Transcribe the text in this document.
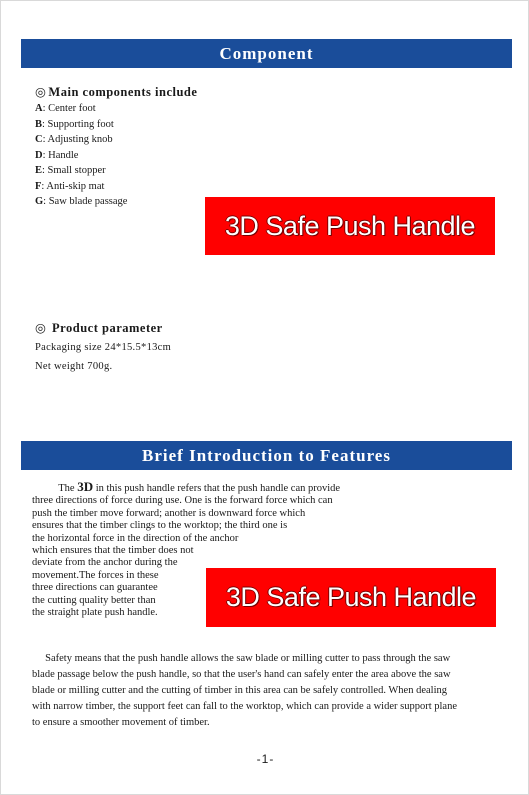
Component
◎ Main components include
A: Center foot
B: Supporting foot
C: Adjusting knob
D: Handle
E: Small stopper
F: Anti-skip mat
G: Saw blade passage
3D Safe Push Handle
◎ Product parameter
Packaging size 24*15.5*13cm
Net weight 700g.
Brief Introduction to Features

The 3D in this push handle refers that the push handle can provide
three directions of force during use. One is the forward force which can
push the timber move forward; another is downward force which
ensures that the timber clings to the worktop; the third one is
the horizontal force in the direction of the anchor
which ensures that the timber does not
deviate from the anchor during the
movement.The forces in these
three directions can guarantee
the cutting quality better than
the straight plate push handle.

3D Safe Push Handle

Safety means that the push handle allows the saw blade or milling cutter to pass through the saw
blade passage below the push handle, so that the user's hand can safely enter the area above the saw
blade or milling cutter and the cutting of timber in this area can be safely controlled. When dealing
with narrow timber, the support feet can fall to the worktop, which can provide a wider support plane
to ensure a smoother movement of timber.

-1-
